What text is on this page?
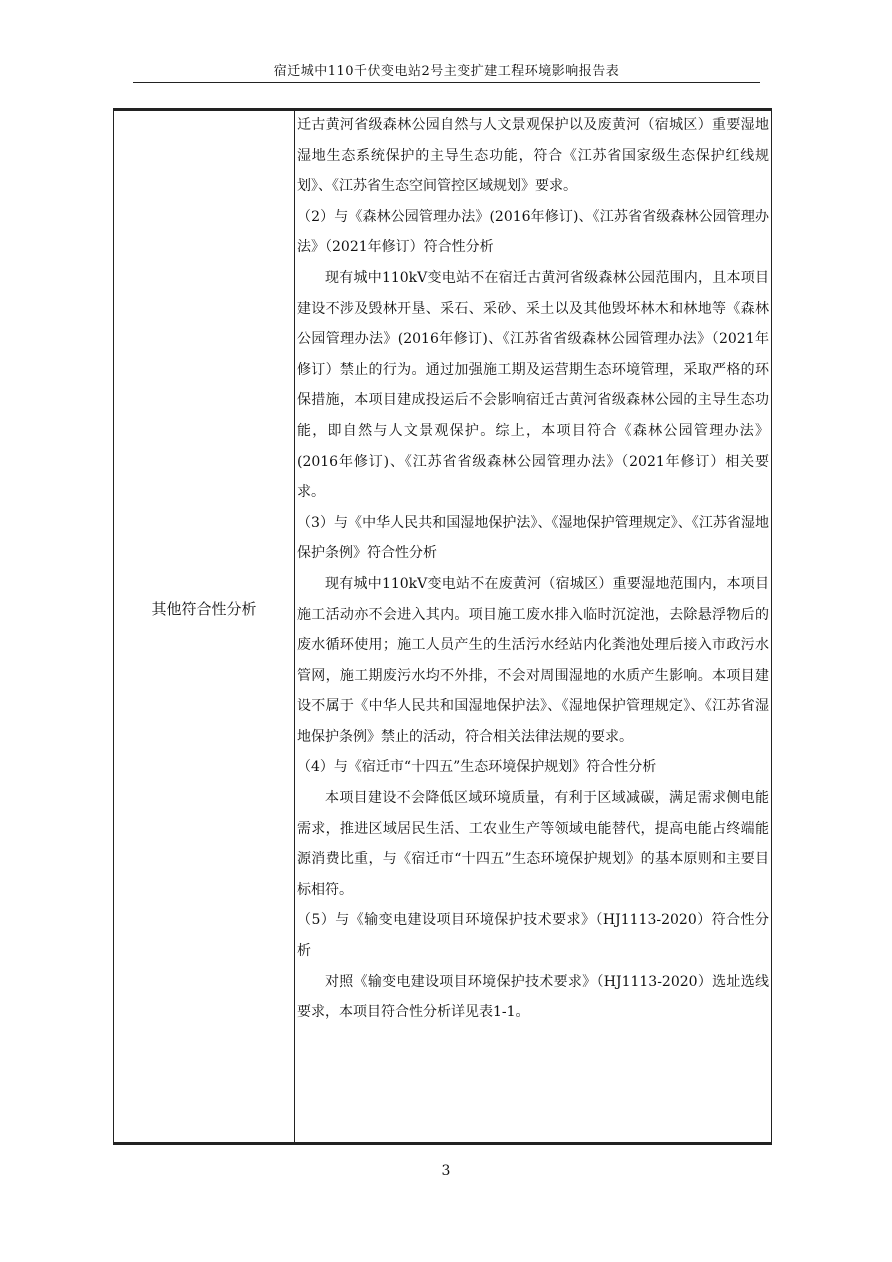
宿迁城中110千伏变电站2号主变扩建工程环境影响报告表
其他符合性分析

迁古黄河省级森林公园自然与人文景观保护以及废黄河（宿城区）重要湿地湿地生态系统保护的主导生态功能，符合《江苏省国家级生态保护红线规划》、《江苏省生态空间管控区域规划》要求。

（2）与《森林公园管理办法》(2016年修订)、《江苏省省级森林公园管理办法》（2021年修订）符合性分析

现有城中110kV变电站不在宿迁古黄河省级森林公园范围内，且本项目建设不涉及毁林开垦、采石、采砂、采土以及其他毁坏林木和林地等《森林公园管理办法》(2016年修订)、《江苏省省级森林公园管理办法》（2021年修订）禁止的行为。通过加强施工期及运营期生态环境管理，采取严格的环保措施，本项目建成投运后不会影响宿迁古黄河省级森林公园的主导生态功能，即自然与人文景观保护。综上，本项目符合《森林公园管理办法》(2016年修订)、《江苏省省级森林公园管理办法》（2021年修订）相关要求。

（3）与《中华人民共和国湿地保护法》、《湿地保护管理规定》、《江苏省湿地保护条例》符合性分析

现有城中110kV变电站不在废黄河（宿城区）重要湿地范围内，本项目施工活动亦不会进入其内。项目施工废水排入临时沉淀池，去除悬浮物后的废水循环使用；施工人员产生的生活污水经站内化粪池处理后接入市政污水管网，施工期废污水均不外排，不会对周围湿地的水质产生影响。本项目建设不属于《中华人民共和国湿地保护法》、《湿地保护管理规定》、《江苏省湿地保护条例》禁止的活动，符合相关法律法规的要求。

（4）与《宿迁市“十四五”生态环境保护规划》符合性分析

本项目建设不会降低区域环境质量，有利于区域减碳，满足需求侧电能需求，推进区域居民生活、工农业生产等领域电能替代，提高电能占终端能源消费比重，与《宿迁市“十四五”生态环境保护规划》的基本原则和主要目标相符。

（5）与《输变电建设项目环境保护技术要求》（HJ1113-2020）符合性分析

对照《输变电建设项目环境保护技术要求》（HJ1113-2020）选址选线要求，本项目符合性分析详见表1-1。

3
